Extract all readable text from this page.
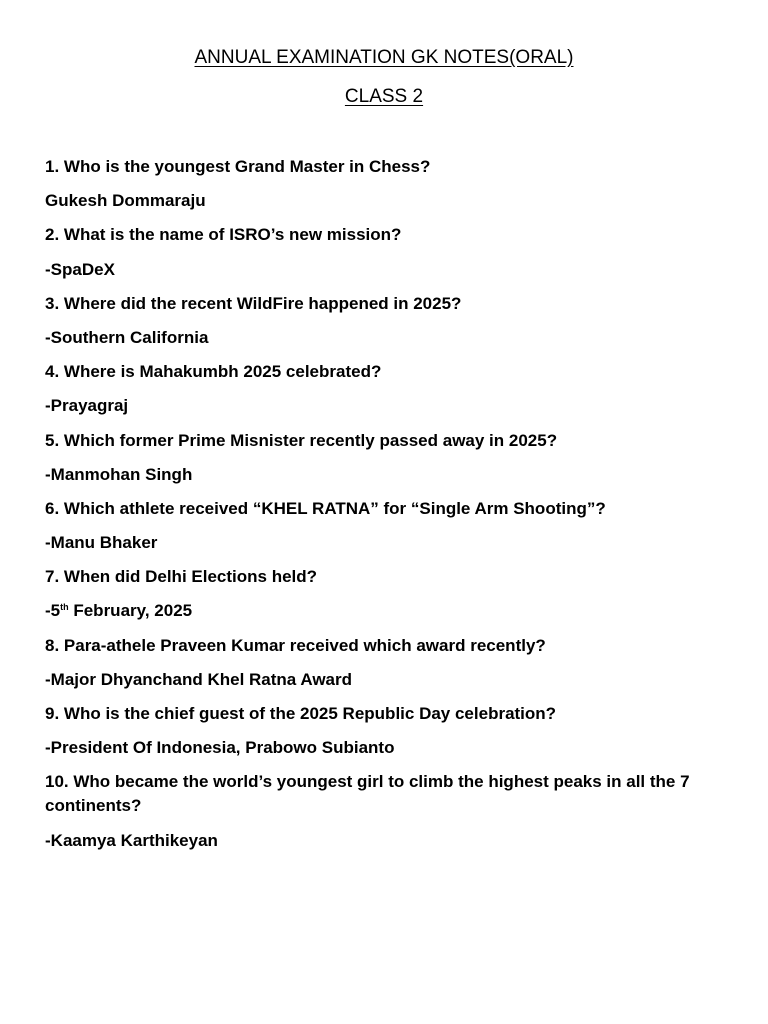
ANNUAL EXAMINATION GK NOTES(ORAL)
CLASS 2
1. Who is the youngest Grand Master in Chess?
Gukesh Dommaraju
2. What is the name of ISRO’s new mission?
-SpaDeX
3. Where did the recent WildFire happened in 2025?
-Southern California
4. Where is Mahakumbh 2025 celebrated?
-Prayagraj
5. Which former Prime Misnister recently passed away in 2025?
-Manmohan Singh
6. Which athlete received “KHEL RATNA” for “Single Arm Shooting”?
-Manu Bhaker
7. When did Delhi Elections held?
-5th February, 2025
8. Para-athele Praveen Kumar received which award recently?
-Major Dhyanchand Khel Ratna Award
9. Who is the chief guest of the 2025 Republic Day celebration?
-President Of Indonesia, Prabowo Subianto
10. Who became the world’s youngest girl to climb the highest peaks in all the 7 continents?
-Kaamya Karthikeyan
